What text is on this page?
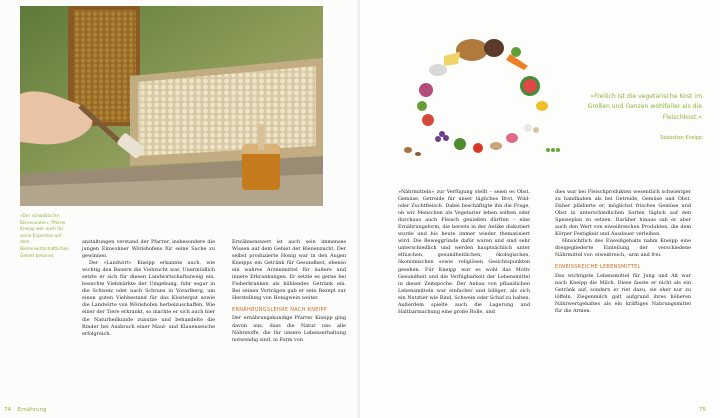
»Der schwäbische Bienenvater«: Pfarrer Kneipp war auch für seine Expertise auf dem Bienenwirtschaftlichen Gebiet bekannt.

anstaltungen verstand der Pfarrer, insbesondere die jungen Einwohner Wörishofens für seine Sache zu gewinnen.

Der »Landwirt« Kneipp erkannte auch, wie wichtig den Bauern die Viehzucht war. Unermüdlich setzte er sich für diesen Landwirtschaftszweig ein, besuchte Viehmärkte der Umgebung, fuhr sogar in die Schweiz oder nach Schruns in Vorarlberg, um einen guten Viehbestand für das Klostergut sowie die Landwirte von Wörishofen herbeizuschaffen. Wie einer der Tiere erkrankt, so machte er sich auch hier die Naturheilkunde zunutze und behandelte die Rinder bei Ausbruch einer Maul- und Klauenseuche erfolgreich.

Erwähnenswert ist auch sein immenses Wissen auf dem Gebiet der Bienenzucht. Der selbst produzierte Honig war in den Augen Kneipps ein Getränk für Gesundheit, ebenso ein wahres Arzneimittel für äußere und innere Erkrankungen. Er setzte es gerne bei Fieberkranken als kühlendes Getränk ein. Bei seinen Vorträgen gab er sein Rezept zur Herstellung von Honigwein weiter.

ERNÄHRUNGSLEHRE NACH KNEIPP

Der ernährungskundige Pfarrer Kneipp ging davon aus, dass die Natur uns alle Nährstoffe, die für unsere Lebenserhaltung notwendig sind, in Form von

74 Ernährung
»Freilich ist die vegetarische Kost im Großen und Ganzen wohlfeiler als die Fleischkost.«
Sebastian Kneipp

»Nährmitteln« zur Verfügung stellt – seien es Obst, Gemüse, Getreide für unser tägliches Brot, Wild- oder Zuchtfleisch. Dabei beschäftigte ihn die Frage, ob wir Menschen als Vegetarier leben sollten oder durchaus auch Fleisch genießen dürften – eine Ernährungsform, die bereits in der Antike diskutiert wurde und bis heute immer wieder thematisiert wird. Die Beweggründe dafür waren und sind sehr unterschiedlich und werden hauptsächlich unter ethischen, gesundheitlichen, ökologischen, ökonomischen sowie religiösen Gesichtspunkten gesehen. Für Kneipp war es wohl das Motiv Gesundheit und die Verfügbarkeit der Lebensmittel in dieser Zeitepoche. Der Anbau von pflanzlichen Lebensmitteln war einfacher und billiger, als sich ein Nutztier wie Rind, Schwein oder Schaf zu halten. Außerdem spielte auch die Lagerung und Haltbarmachung eine große Rolle, und

dies war bei Fleischprodukten wesentlich schwieriger zu handhaben als bei Getreide, Gemüse und Obst. Daher plädierte er, möglichst frisches Gemüse und Obst in unterschiedlichen Sorten täglich auf den Speiseplan zu setzen. Darüber hinaus sah er aber auch den Wert von eiweißreichen Produkten, die dem Körper Festigkeit und Ausdauer verleihen.

Hinsichtlich des Eiweißgehalts nahm Kneipp eine dreigegliederte Einteilung der verschiedene Nährmittel vor: eiweißreich, -arm und frei.

EIWEISSREICHE LEBENSMITTEL

Das wichtigste Lebensmittel für Jung und Alt war nach Kneipp die Milch. Diese fasste er nicht als ein Getränk auf, sondern er riet dazu, sie eher nur zu löffeln. Ziegenmilch galt aufgrund ihres höheren Nährwertgehaltes als ein kräftiges Nahrungsmittel für die Armen.

75
